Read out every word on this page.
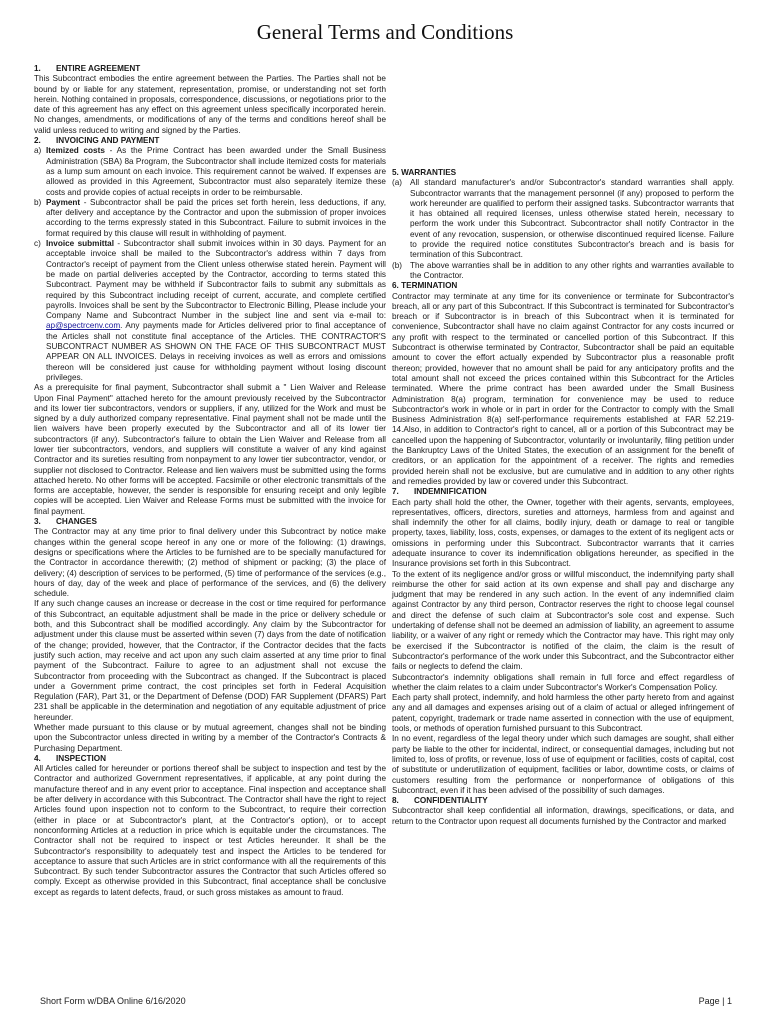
General Terms and Conditions

1. ENTIRE AGREEMENT

This Subcontract embodies the entire agreement between the Parties. The Parties shall not be bound by or liable for any statement, representation, promise, or understanding not set forth herein. Nothing contained in proposals, correspondence, discussions, or negotiations prior to the date of this agreement has any effect on this agreement unless specifically incorporated herein. No changes, amendments, or modifications of any of the terms and conditions hereof shall be valid unless reduced to writing and signed by the Parties.

2. INVOICING AND PAYMENT

a) Itemized costs - As the Prime Contract has been awarded under the Small Business Administration (SBA) 8a Program, the Subcontractor shall include itemized costs for materials as a lump sum amount on each invoice. This requirement cannot be waived. If expenses are allowed as provided in this Agreement, Subcontractor must also separately itemize these costs and provide copies of actual receipts in order to be reimbursable.
b) Payment - Subcontractor shall be paid the prices set forth herein, less deductions, if any, after delivery and acceptance by the Contractor and upon the submission of proper invoices according to the terms expressly stated in this Subcontract. Failure to submit invoices in the format required by this clause will result in withholding of payment.
c) Invoice submittal - Subcontractor shall submit invoices within in 30 days. Payment for an acceptable invoice shall be mailed to the Subcontractor's address within 7 days from Contractor's receipt of payment from the Client unless otherwise stated herein. Payment will be made on partial deliveries accepted by the Contractor, according to terms stated this Subcontract. Payment may be withheld if Subcontractor fails to submit any submittals as required by this Subcontract including receipt of current, accurate, and complete certified payrolls. Invoices shall be sent by the Subcontractor to Electronic Billing, Please include your Company Name and Subcontract Number in the subject line and sent via e-mail to: ap@spectrcenv.com. Any payments made for Articles delivered prior to final acceptance of the Articles shall not constitute final acceptance of the Articles. THE CONTRACTOR'S SUBCONTRACT NUMBER AS SHOWN ON THE FACE OF THIS SUBCONTRACT MUST APPEAR ON ALL INVOICES. Delays in receiving invoices as well as errors and omissions thereon will be considered just cause for withholding payment without losing discount privileges.

As a prerequisite for final payment, Subcontractor shall submit a " Lien Waiver and Release Upon Final Payment" attached hereto for the amount previously received by the Subcontractor and its lower tier subcontractors, vendors or suppliers, if any, utilized for the Work and must be signed by a duly authorized company representative. Final payment shall not be made until the lien waivers have been properly executed by the Subcontractor and all of its lower tier subcontractors (if any). Subcontractor's failure to obtain the Lien Waiver and Release from all lower tier subcontractors, vendors, and suppliers will constitute a waiver of any kind against Contractor and its sureties resulting from nonpayment to any lower tier subcontractor, vendor, or supplier not disclosed to Contractor. Release and lien waivers must be submitted using the forms attached hereto. No other forms will be accepted. Facsimile or other electronic transmittals of the forms are acceptable, however, the sender is responsible for ensuring receipt and only legible copies will be accepted. Lien Waiver and Release Forms must be submitted with the invoice for final payment.

3. CHANGES

The Contractor may at any time prior to final delivery under this Subcontract by notice make changes within the general scope hereof in any one or more of the following: (1) drawings, designs or specifications where the Articles to be furnished are to be specially manufactured for the Contractor in accordance therewith; (2) method of shipment or packing; (3) the place of delivery; (4) description of services to be performed, (5) time of performance of the services (e.g., hours of day, day of the week and place of performance of the services, and (6) the delivery schedule.

If any such change causes an increase or decrease in the cost or time required for performance of this Subcontract, an equitable adjustment shall be made in the price or delivery schedule or both, and this Subcontract shall be modified accordingly. Any claim by the Subcontractor for adjustment under this clause must be asserted within seven (7) days from the date of notification of the change; provided, however, that the Contractor, if the Contractor decides that the facts justify such action, may receive and act upon any such claim asserted at any time prior to final payment of the Subcontract. Failure to agree to an adjustment shall not excuse the Subcontractor from proceeding with the Subcontract as changed. If the Subcontract is placed under a Government prime contract, the cost principles set forth in Federal Acquisition Regulation (FAR), Part 31, or the Department of Defense (DOD) FAR Supplement (DFARS) Part 231 shall be applicable in the determination and negotiation of any equitable adjustment of price hereunder.

Whether made pursuant to this clause or by mutual agreement, changes shall not be binding upon the Subcontractor unless directed in writing by a member of the Contractor's Contracts & Purchasing Department.

4. INSPECTION

All Articles called for hereunder or portions thereof shall be subject to inspection and test by the Contractor and authorized Government representatives, if applicable, at any point during the manufacture thereof and in any event prior to acceptance. Final inspection and acceptance shall be after delivery in accordance with this Subcontract. The Contractor shall have the right to reject Articles found upon inspection not to conform to the Subcontract, to require their correction (either in place or at Subcontractor's plant, at the Contractor's option), or to accept nonconforming Articles at a reduction in price which is equitable under the circumstances. The Contractor shall not be required to inspect or test Articles hereunder. It shall be the Subcontractor's responsibility to adequately test and inspect the Articles to be tendered for acceptance to assure that such Articles are in strict conformance with all the requirements of this Subcontract. By such tender Subcontractor assures the Contractor that such Articles offered so comply. Except as otherwise provided in this Subcontract, final acceptance shall be conclusive except as regards to latent defects, fraud, or such gross mistakes as amount to fraud.

5. WARRANTIES

(a) All standard manufacturer's and/or Subcontractor's standard warranties shall apply. Subcontractor warrants that the management personnel (if any) proposed to perform the work hereunder are qualified to perform their assigned tasks. Subcontractor warrants that it has obtained all required licenses, unless otherwise stated herein, necessary to perform the work under this Subcontract. Subcontractor shall notify Contractor in the event of any revocation, suspension, or otherwise discontinued required license. Failure to provide the required notice constitutes Subcontractor's breach and is basis for termination of this Subcontract.
(b) The above warranties shall be in addition to any other rights and warranties available to the Contractor.

6. TERMINATION

Contractor may terminate at any time for its convenience or terminate for Subcontractor's breach, all or any part of this Subcontract. If this Subcontract is terminated for Subcontractor's breach or if Subcontractor is in breach of this Subcontract when it is terminated for convenience, Subcontractor shall have no claim against Contractor for any costs incurred or any profit with respect to the terminated or cancelled portion of this Subcontract. If this Subcontract is otherwise terminated by Contractor, Subcontractor shall be paid an equitable amount to cover the effort actually expended by Subcontractor plus a reasonable profit thereon; provided, however that no amount shall be paid for any anticipatory profits and the total amount shall not exceed the prices contained within this Subcontract for the Articles terminated. Where the prime contract has been awarded under the Small Business Administration 8(a) program, termination for convenience may be used to reduce Subcontractor's work in whole or in part in order for the Contractor to comply with the Small Business Administration 8(a) self-performance requirements established at FAR 52.219-14.Also, in addition to Contractor's right to cancel, all or a portion of this Subcontract may be cancelled upon the happening of Subcontractor, voluntarily or involuntarily, filing petition under the Bankruptcy Laws of the United States, the execution of an assignment for the benefit of creditors, or an application for the appointment of a receiver. The rights and remedies provided herein shall not be exclusive, but are cumulative and in addition to any other rights and remedies provided by law or covered under this Subcontract.

7. INDEMNIFICATION

Each party shall hold the other, the Owner, together with their agents, servants, employees, representatives, officers, directors, sureties and attorneys, harmless from and against and shall indemnify the other for all claims, bodily injury, death or damage to real or tangible property, taxes, liability, loss, costs, expenses, or damages to the extent of its negligent acts or omissions in performing under this Subcontract. Subcontractor warrants that it carries adequate insurance to cover its indemnification obligations hereunder, as specified in the Insurance provisions set forth in this Subcontract.

To the extent of its negligence and/or gross or willful misconduct, the indemnifying party shall reimburse the other for said action at its own expense and shall pay and discharge any judgment that may be rendered in any such action. In the event of any indemnified claim against Contractor by any third person, Contractor reserves the right to choose legal counsel and direct the defense of such claim at Subcontractor's sole cost and expense. Such undertaking of defense shall not be deemed an admission of liability, an agreement to assume liability, or a waiver of any right or remedy which the Contractor may have. This right may only be exercised if the Subcontractor is notified of the claim, the claim is the result of Subcontractor's performance of the work under this Subcontract, and the Subcontractor either fails or neglects to defend the claim.

Subcontractor's indemnity obligations shall remain in full force and effect regardless of whether the claim relates to a claim under Subcontractor's Worker's Compensation Policy.

Each party shall protect, indemnify, and hold harmless the other party hereto from and against any and all damages and expenses arising out of a claim of actual or alleged infringement of patent, copyright, trademark or trade name asserted in connection with the use of equipment, tools, or methods of operation furnished pursuant to this Subcontract.

In no event, regardless of the legal theory under which such damages are sought, shall either party be liable to the other for incidental, indirect, or consequential damages, including but not limited to, loss of profits, or revenue, loss of use of equipment or facilities, costs of capital, cost of substitute or underutilization of equipment, facilities or labor, downtime costs, or claims of customers resulting from the performance or nonperformance of obligations of this Subcontract, even if it has been advised of the possibility of such damages.

8. CONFIDENTIALITY

Subcontractor shall keep confidential all information, drawings, specifications, or data, and return to the Contractor upon request all documents furnished by the Contractor and marked

Short Form w/DBA Online 6/16/2020	Page | 1
